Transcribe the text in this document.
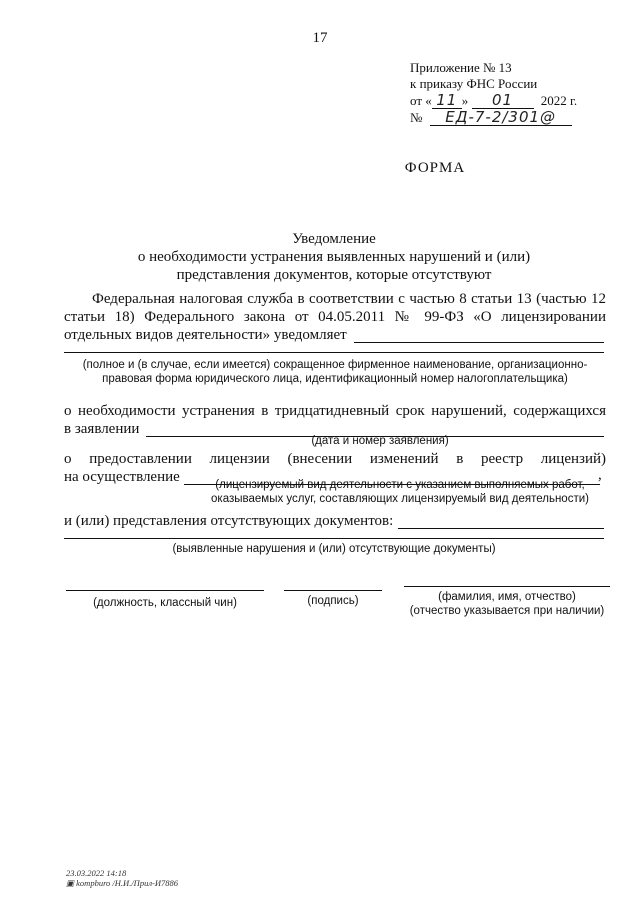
17
Приложение № 13
к приказу ФНС России
от « 11 » 01 2022 г.
№ ЕД-7-2/301@
ФОРМА
Уведомление
о необходимости устранения выявленных нарушений и (или)
представления документов, которые отсутствуют
Федеральная налоговая служба в соответствии с частью 8 статьи 13 (частью 12
статьи 18) Федерального закона от 04.05.2011 № 99-ФЗ «О лицензировании
отдельных видов деятельности» уведомляет
(полное и (в случае, если имеется) сокращенное фирменное наименование, организационно-правовая форма юридического лица, идентификационный номер налогоплательщика)
о необходимости устранения в тридцатидневный срок нарушений, содержащихся
в заявлении
(дата и номер заявления)
о предоставлении лицензии (внесении изменений в реестр лицензий)
на осуществление	,
(лицензируемый вид деятельности с указанием выполняемых работ, оказываемых услуг, составляющих лицензируемый вид деятельности)
и (или) представления отсутствующих документов:
(выявленные нарушения и (или) отсутствующие документы)
(должность, классный чин)	(подпись)	(фамилия, имя, отчество)
(отчество указывается при наличии)
23.03.2022 14:18
▣ kompburo /Н.И./Прил-И7886
